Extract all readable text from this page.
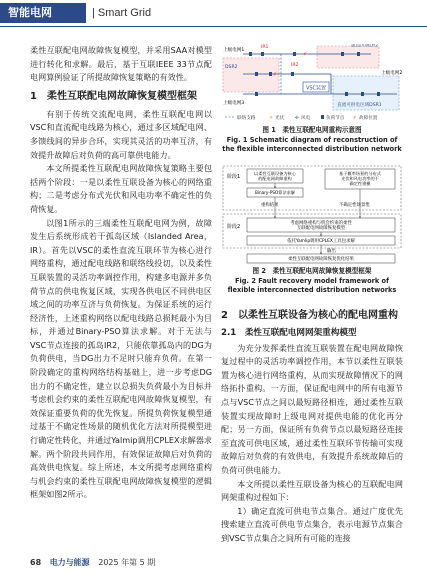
智能电网	| Smart Grid

柔性互联配电网故障恢复模型，并采用SAA对模型进行转化和求解。最后，基于互联IEEE 33节点配电网算例验证了所提故障恢复策略的有效性。

1　柔性互联配电网故障恢复模型框架

有别于传统交流配电网，柔性互联配电网以VSC和直流配电线路为核心，通过多区域配电网、多馈线间的异步合环，实现其灵活的功率互济，有效提升故障后对负荷的高可靠供电能力。

本文所提柔性互联配电网故障恢复策略主要包括两个阶段：一是以柔性互联设备为核心的网络重构；二是考虑分布式光伏和风电功率不确定性的负荷恢复。

以图1所示的三端柔性互联配电网为例，故障发生后系统形成若干孤岛区域（Islanded Area，IR）。首先以VSC的柔性直流互联环节为核心进行网络重构，通过配电线路和联络线投切，以及柔性互联装置的灵活功率调控作用，构建多电源并多负荷节点的供电恢复区域，实现各供电区不同供电区域之间的功率互济与负荷恢复。为保证系统的运行经济性，上述重构网络以配电线路总损耗最小为目标，并通过Binary-PSO算法求解。对于无法与VSC节点连接的孤岛IR2，只能依靠孤岛内的DG为负荷供电，当DG出力不足时只能弃负荷。在第一阶段确定的重构网络结构基础上，进一步考虑DG出力的不确定性，建立以总损失负荷最小为目标并考虑机会约束的柔性互联配电网故障恢复模型，有效保证重要负荷的优先恢复。所提负荷恢复模型通过基于不确定性场景的随机优化方法对所提模型进行确定性转化，并通过Yalmip调用CPLEX求解器求解。两个阶段共同作用，有效保证故障后对负荷的高效供电恢复。综上所述，本文所提考虑网络重构与机会约束的柔性互联配电网故障恢复模型的逻辑框架如图2所示。

VSC装置
⚡
⚡
上级电网1
上级电网2
上级电网3
IR1
IR2
DSR2
孤岛区域LR2
直流可供电区域DSR1
联络支路	☀ 光伏 ✣ 风电	负荷节点 ⚡ 故障位置
图 1　柔性互联配电网重构示意图
Fig. 1 Schematic diagram of reconstruction of the flexible interconnected distribution network
阶段1
阶段2
以柔性互联设备为核心的配电网故障重构
Binary-PSO算法求解
基于概率场景的分布式光伏和风电功率的不确定性建模
重构结果	不确定性场景集
考虑网络重构与机会约束的柔性互联配电网故障恢复模型
依托Yamlip调用CPLEX工具包求解
输出
柔性互联配电网故障恢复优化结果
图 2　柔性互联配电网故障恢复模型框架
Fig. 2 Fault recovery model framework of flexible interconnected distribution networks
2　以柔性互联设备为核心的配电网重构
2.1　柔性互联配电网网架重构模型

为充分发挥柔性直流互联装置在配电网故障恢复过程中的灵活功率调控作用，本节以柔性互联装置为核心进行网络重构，从而实现故障情况下的网络拓扑重构。一方面，保证配电网中的所有电源节点与VSC节点之间以最短路径相连，通过柔性互联装置实现故障时上级电网对提供电能的优化再分配；另一方面，保证所有负荷节点以最短路径连接至直流可供电区域，通过柔性互联环节传输可实现故障后对负荷的有效供电，有效提升系统故障后的负荷可供电能力。

本文所提以柔性互联设备为核心的互联配电网网架重构过程如下：

1）确定直流可供电节点集合。通过广度优先搜索建立直流可供电节点集合，表示电源节点集合到VSC节点集合之间所有可能的连接

68 电力与能源 2025 年第 5 期
